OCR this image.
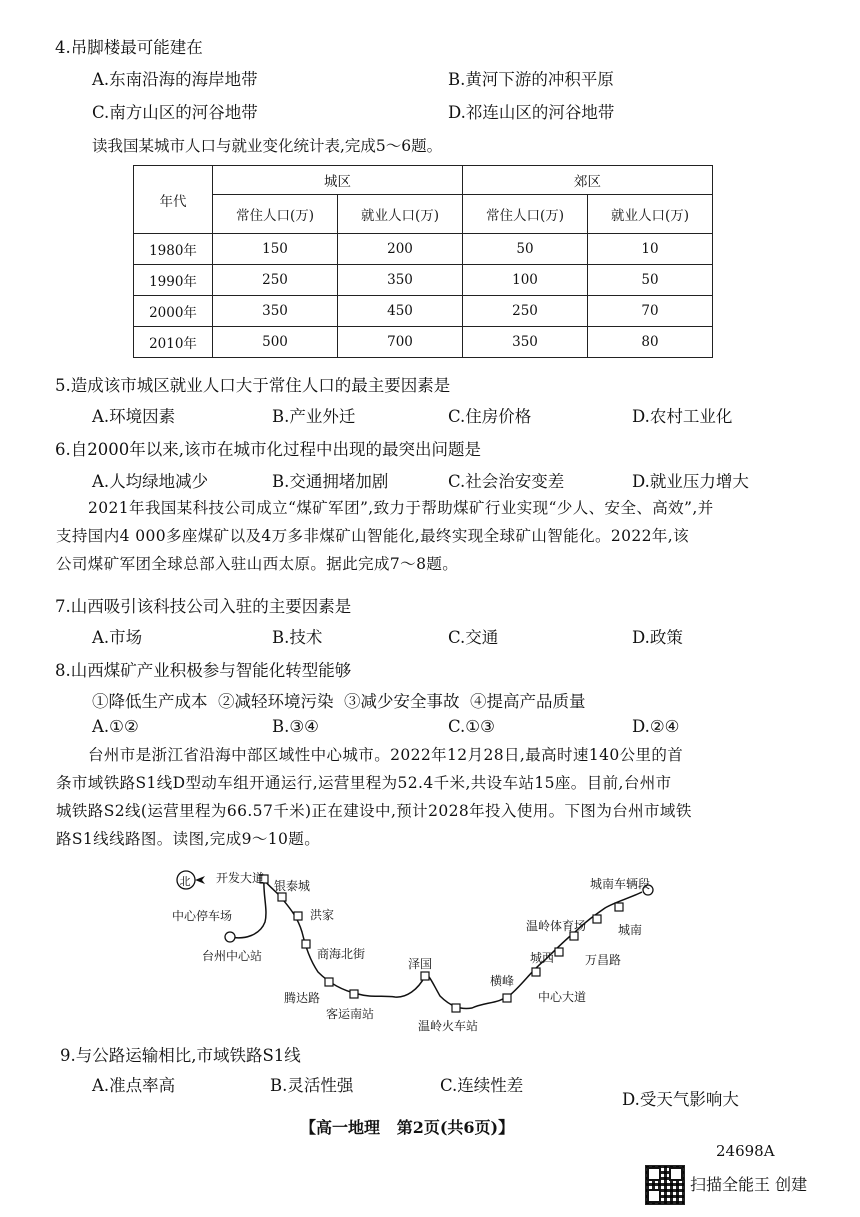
4.吊脚楼最可能建在
A.东南沿海的海岸地带	B.黄河下游的冲积平原
C.南方山区的河谷地带	D.祁连山区的河谷地带
读我国某城市人口与就业变化统计表,完成5～6题。
年代	城区		郊区	
	常住人口(万)	就业人口(万)	常住人口(万)	就业人口(万)
1980年	150	200	50	10
1990年	250	350	100	50
2000年	350	450	250	70
2010年	500	700	350	80
5.造成该市城区就业人口大于常住人口的最主要因素是
A.环境因素	B.产业外迁	C.住房价格	D.农村工业化
6.自2000年以来,该市在城市化过程中出现的最突出问题是
A.人均绿地减少	B.交通拥堵加剧	C.社会治安变差	D.就业压力增大

2021年我国某科技公司成立“煤矿军团”,致力于帮助煤矿行业实现“少人、安全、高效”,并

支持国内4 000多座煤矿以及4万多非煤矿山智能化,最终实现全球矿山智能化。2022年,该

公司煤矿军团全球总部入驻山西太原。据此完成7～8题。

7.山西吸引该科技公司入驻的主要因素是
A.市场	B.技术	C.交通	D.政策
8.山西煤矿产业积极参与智能化转型能够
①降低生产成本  ②减轻环境污染  ③减少安全事故  ④提高产品质量
A.①②	B.③④	C.①③	D.②④

台州市是浙江省沿海中部区域性中心城市。2022年12月28日,最高时速140公里的首

条市域铁路S1线D型动车组开通运行,运营里程为52.4千米,共设车站15座。目前,台州市

城铁路S2线(运营里程为66.57千米)正在建设中,预计2028年投入使用。下图为台州市域铁

路S1线线路图。读图,完成9～10题。

北 开发大道
银泰城
洪家
中心停车场
台州中心站	商海北街
腾达路
客运南站
泽国
温岭火车站
横峰
中心大道
城西	万昌路
温岭体育场	城南
城南车辆段
9.与公路运输相比,市域铁路S1线
A.准点率高	B.灵活性强	C.连续性差
D.受天气影响大
【高一地理   第2页(共6页)】
24698A
扫描全能王 创建
